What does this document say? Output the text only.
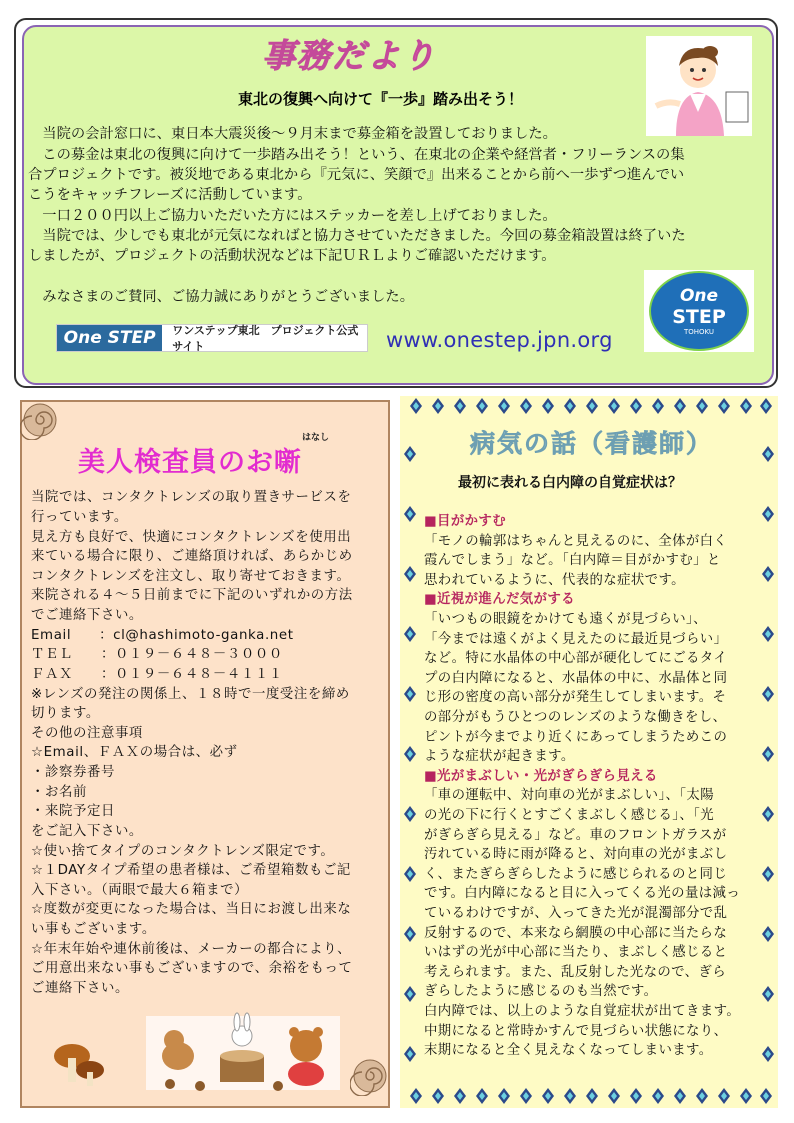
事務だより
東北の復興へ向けて『一歩』踏み出そう！
　当院の会計窓口に、東日本大震災後～９月末まで募金箱を設置しておりました。
　この募金は東北の復興に向けて一歩踏み出そう！という、在東北の企業や経営者・フリーランスの集
合プロジェクトです。被災地である東北から『元気に、笑顔で』出来ることから前へ一歩ずつ進んでい
こうをキャッチフレーズに活動しています。
　一口２００円以上ご協力いただいた方にはステッカーを差し上げておりました。
　当院では、少しでも東北が元気になればと協力させていただきました。今回の募金箱設置は終了いた
しましたが、プロジェクトの活動状況などは下記ＵＲＬよりご確認いただけます。
　みなさまのご賛同、ご協力誠にありがとうございました。
One STEP	ワンステップ東北　プロジェクト公式サイト	www.onestep.jpn.org
One
STEP
TOHOKU
はなし
美人検査員のお噺
当院では、コンタクトレンズの取り置きサービスを
行っています。
見え方も良好で、快適にコンタクトレンズを使用出
来ている場合に限り、ご連絡頂ければ、あらかじめ
コンタクトレンズを注文し、取り寄せておきます。
来院される４～５日前までに下記のいずれかの方法
でご連絡下さい。
Email　　：cl@hashimoto-ganka.net
ＴＥＬ　　：０１９－６４８－３０００
ＦＡＸ　　：０１９－６４８－４１１１
※レンズの発注の関係上、１８時で一度受注を締め
切ります。
その他の注意事項
☆Email、ＦＡＸの場合は、必ず
・診察券番号
・お名前
・来院予定日
をご記入下さい。
☆使い捨てタイプのコンタクトレンズ限定です。
☆１DAYタイプ希望の患者様は、ご希望箱数もご記
入下さい。（両眼で最大６箱まで）
☆度数が変更になった場合は、当日にお渡し出来な
い事もございます。
☆年末年始や連休前後は、メーカーの都合により、
ご用意出来ない事もございますので、余裕をもって
ご連絡下さい。
病気の話（看護師）
最初に表れる白内障の自覚症状は？
■目がかすむ
「モノの輪郭はちゃんと見えるのに、全体が白く
霞んでしまう」など。「白内障＝目がかすむ」と
思われているように、代表的な症状です。
■近視が進んだ気がする
「いつもの眼鏡をかけても遠くが見づらい」、
「今までは遠くがよく見えたのに最近見づらい」
など。特に水晶体の中心部が硬化してにごるタイ
プの白内障になると、水晶体の中に、水晶体と同
じ形の密度の高い部分が発生してしまいます。そ
の部分がもうひとつのレンズのような働きをし、
ピントが今までより近くにあってしまうためこの
ような症状が起きます。
■光がまぶしい・光がぎらぎら見える
「車の運転中、対向車の光がまぶしい」、「太陽
の光の下に行くとすごくまぶしく感じる」、「光
がぎらぎら見える」など。車のフロントガラスが
汚れている時に雨が降ると、対向車の光がまぶし
く、またぎらぎらしたように感じられるのと同じ
です。白内障になると目に入ってくる光の量は減っ
ているわけですが、入ってきた光が混濁部分で乱
反射するので、本来なら網膜の中心部に当たらな
いはずの光が中心部に当たり、まぶしく感じると
考えられます。また、乱反射した光なので、ぎら
ぎらしたように感じるのも当然です。
白内障では、以上のような自覚症状が出てきます。
中期になると常時かすんで見づらい状態になり、
末期になると全く見えなくなってしまいます。
